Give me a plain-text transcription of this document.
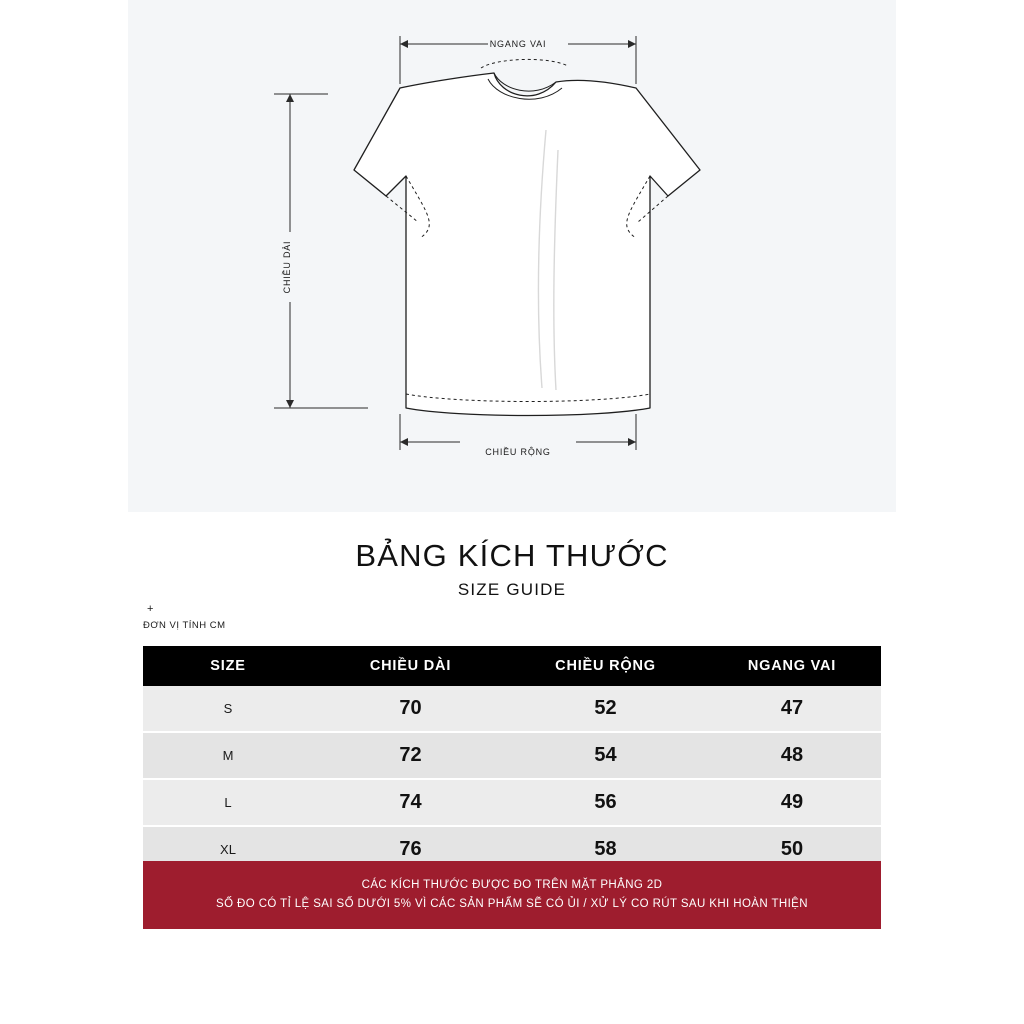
NGANG VAI
CHIỀU DÀI
CHIỀU RỘNG
BẢNG KÍCH THƯỚC
SIZE GUIDE
+
ĐƠN VỊ TÍNH CM
SIZE	CHIỀU DÀI	CHIỀU RỘNG	NGANG VAI
S	70	52	47
M	72	54	48
L	74	56	49
XL	76	58	50
CÁC KÍCH THƯỚC ĐƯỢC ĐO TRÊN MẶT PHẲNG 2D
SỐ ĐO CÓ TỈ LỆ SAI SỐ DƯỚI 5% VÌ CÁC SẢN PHẨM SẼ CÓ ỦI / XỬ LÝ CO RÚT SAU KHI HOÀN THIỆN
